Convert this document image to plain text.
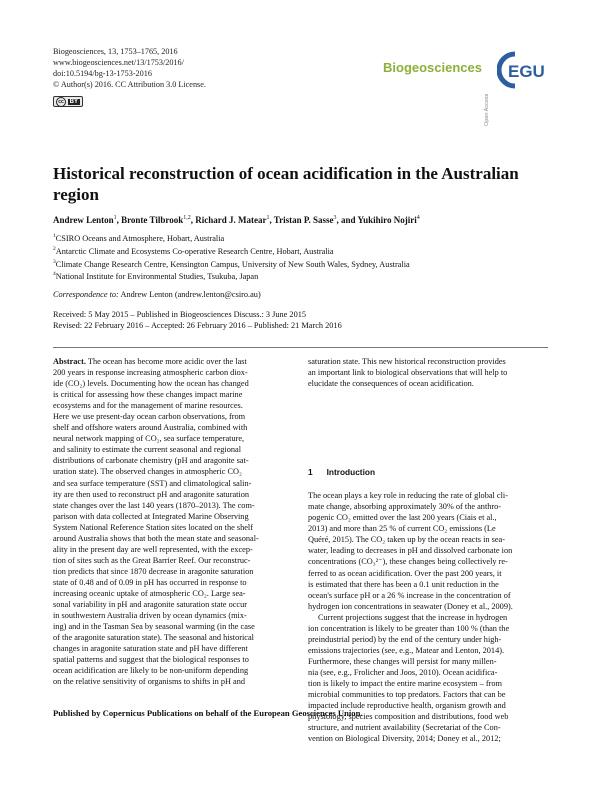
Biogeosciences, 13, 1753–1765, 2016
www.biogeosciences.net/13/1753/2016/
doi:10.5194/bg-13-1753-2016
© Author(s) 2016. CC Attribution 3.0 License.
cc BY
Biogeosciences
Open Access
EGU
Historical reconstruction of ocean acidification in the Australian region
Andrew Lenton$^1$, Bronte Tilbrook$^{1,2}$, Richard J. Matear$^1$, Tristan P. Sasse$^3$, and Yukihiro Nojiri$^4$
$^1$CSIRO Oceans and Atmosphere, Hobart, Australia
$^2$Antarctic Climate and Ecosystems Co-operative Research Centre, Hobart, Australia
$^3$Climate Change Research Centre, Kensington Campus, University of New South Wales, Sydney, Australia
$^4$National Institute for Environmental Studies, Tsukuba, Japan
Correspondence to: Andrew Lenton (andrew.lenton@csiro.au)
Received: 5 May 2015 – Published in Biogeosciences Discuss.: 3 June 2015
Revised: 22 February 2016 – Accepted: 26 February 2016 – Published: 21 March 2016
Abstract. The ocean has become more acidic over the last
200 years in response increasing atmospheric carbon diox-
ide (CO₂) levels. Documenting how the ocean has changed
is critical for assessing how these changes impact marine
ecosystems and for the management of marine resources.
Here we use present-day ocean carbon observations, from
shelf and offshore waters around Australia, combined with
neural network mapping of CO₂, sea surface temperature,
and salinity to estimate the current seasonal and regional
distributions of carbonate chemistry (pH and aragonite sat-
uration state). The observed changes in atmospheric CO₂
and sea surface temperature (SST) and climatological salin-
ity are then used to reconstruct pH and aragonite saturation
state changes over the last 140 years (1870–2013). The com-
parison with data collected at Integrated Marine Observing
System National Reference Station sites located on the shelf
around Australia shows that both the mean state and seasonal-
ality in the present day are well represented, with the excep-
tion of sites such as the Great Barrier Reef. Our reconstruc-
tion predicts that since 1870 decrease in aragonite saturation
state of 0.48 and of 0.09 in pH has occurred in response to
increasing oceanic uptake of atmospheric CO₂. Large sea-
sonal variability in pH and aragonite saturation state occur
in southwestern Australia driven by ocean dynamics (mix-
ing) and in the Tasman Sea by seasonal warming (in the case
of the aragonite saturation state). The seasonal and historical
changes in aragonite saturation state and pH have different
spatial patterns and suggest that the biological responses to
ocean acidification are likely to be non-uniform depending
on the relative sensitivity of organisms to shifts in pH and
saturation state. This new historical reconstruction provides
an important link to biological observations that will help to
elucidate the consequences of ocean acidification.
1 Introduction
The ocean plays a key role in reducing the rate of global cli-
mate change, absorbing approximately 30% of the anthro-
pogenic CO₂ emitted over the last 200 years (Ciais et al.,
2013) and more than 25 % of current CO₂ emissions (Le
Quéré, 2015). The CO₂ taken up by the ocean reacts in sea-
water, leading to decreases in pH and dissolved carbonate ion
concentrations (CO₃²⁻), these changes being collectively re-
ferred to as ocean acidification. Over the past 200 years, it
is estimated that there has been a 0.1 unit reduction in the
ocean's surface pH or a 26 % increase in the concentration of
hydrogen ion concentrations in seawater (Doney et al., 2009).
Current projections suggest that the increase in hydrogen
ion concentration is likely to be greater than 100 % (than the
preindustrial period) by the end of the century under high-
emissions trajectories (see, e.g., Matear and Lenton, 2014).
Furthermore, these changes will persist for many millen-
nia (see, e.g., Frolicher and Joos, 2010). Ocean acidifica-
tion is likely to impact the entire marine ecosystem – from
microbial communities to top predators. Factors that can be
impacted include reproductive health, organism growth and
physiology, species composition and distributions, food web
structure, and nutrient availability (Secretariat of the Con-
vention on Biological Diversity, 2014; Doney et al., 2012;
Published by Copernicus Publications on behalf of the European Geosciences Union.
